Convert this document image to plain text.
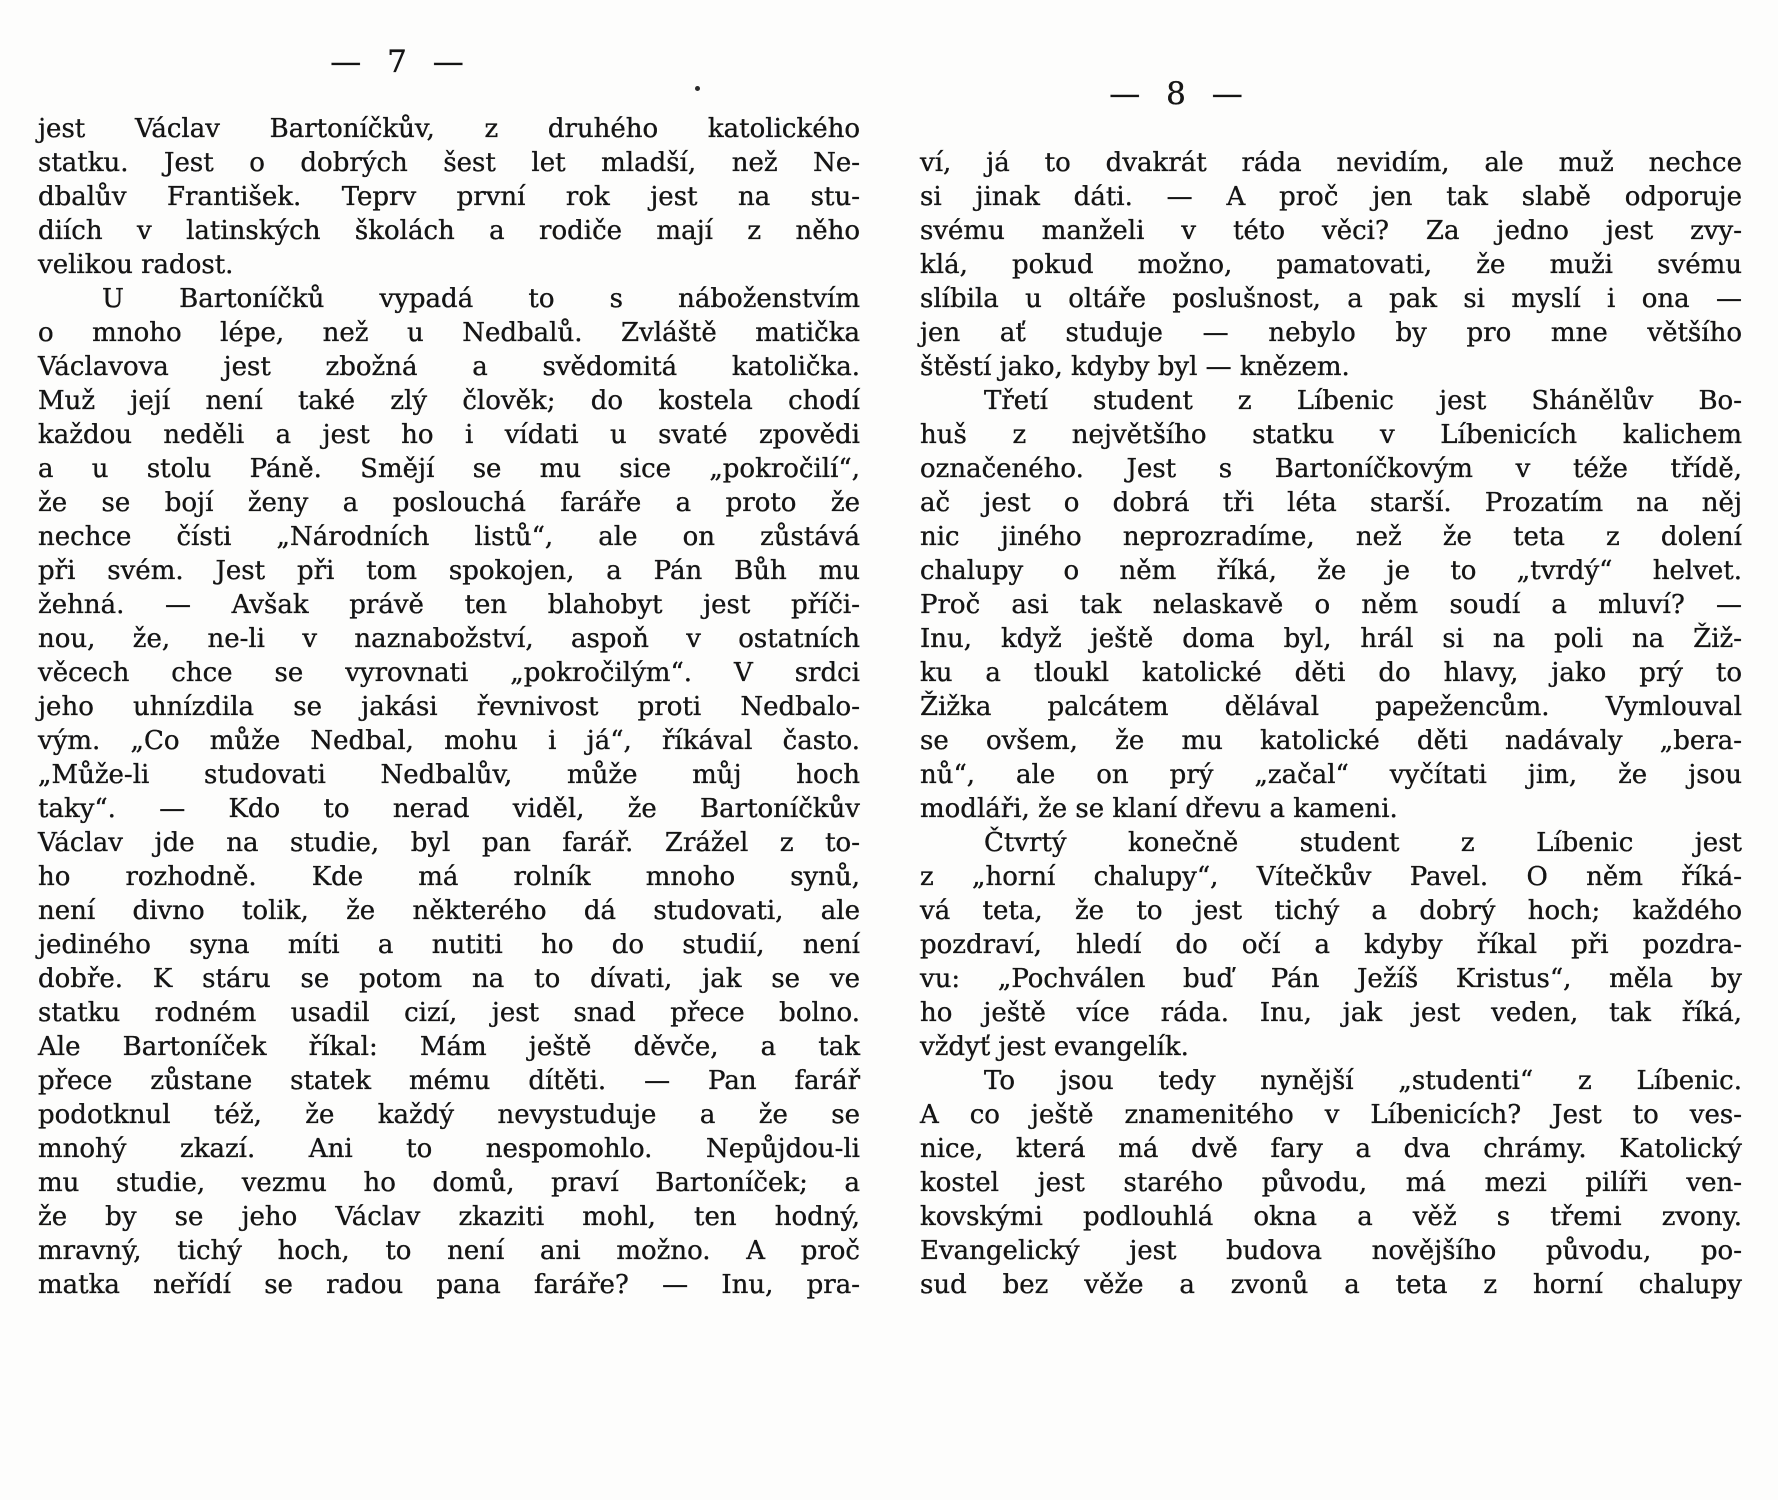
— 7 —
jest Václav Bartoníčkův, z druhého katolického
statku. Jest o dobrých šest let mladší, než Ne-
dbalův František. Teprv první rok jest na stu-
diích v latinských školách a rodiče mají z něho
velikou radost.
U Bartoníčků vypadá to s náboženstvím
o mnoho lépe, než u Nedbalů. Zvláště matička
Václavova jest zbožná a svědomitá katolička.
Muž její není také zlý člověk; do kostela chodí
každou neděli a jest ho i vídati u svaté zpovědi
a u stolu Páně. Smějí se mu sice „pokročilí“,
že se bojí ženy a poslouchá faráře a proto že
nechce čísti „Národních listů“, ale on zůstává
při svém. Jest při tom spokojen, a Pán Bůh mu
žehná. — Avšak právě ten blahobyt jest příči-
nou, že, ne-li v naznabožství, aspoň v ostatních
věcech chce se vyrovnati „pokročilým“. V srdci
jeho uhnízdila se jakási řevnivost proti Nedbalo-
vým. „Co může Nedbal, mohu i já“, říkával často.
„Může-li studovati Nedbalův, může můj hoch
taky“. — Kdo to nerad viděl, že Bartoníčkův
Václav jde na studie, byl pan farář. Zrážel z to-
ho rozhodně. Kde má rolník mnoho synů,
není divno tolik, že některého dá studovati, ale
jediného syna míti a nutiti ho do studií, není
dobře. K stáru se potom na to dívati, jak se ve
statku rodném usadil cizí, jest snad přece bolno.
Ale Bartoníček říkal: Mám ještě děvče, a tak
přece zůstane statek mému dítěti. — Pan farář
podotknul též, že každý nevystuduje a že se
mnohý zkazí. Ani to nespomohlo. Nepůjdou-li
mu studie, vezmu ho domů, praví Bartoníček; a
že by se jeho Václav zkaziti mohl, ten hodný,
mravný, tichý hoch, to není ani možno. A proč
matka neřídí se radou pana faráře? — Inu, pra-
— 8 —
ví, já to dvakrát ráda nevidím, ale muž nechce
si jinak dáti. — A proč jen tak slabě odporuje
svému manželi v této věci? Za jedno jest zvy-
klá, pokud možno, pamatovati, že muži svému
slíbila u oltáře poslušnost, a pak si myslí i ona —
jen ať studuje — nebylo by pro mne většího
štěstí jako, kdyby byl — knězem.
Třetí student z Líbenic jest Shánělův Bo-
huš z největšího statku v Líbenicích kalichem
označeného. Jest s Bartoníčkovým v téže třídě,
ač jest o dobrá tři léta starší. Prozatím na něj
nic jiného neprozradíme, než že teta z dolení
chalupy o něm říká, že je to „tvrdý“ helvet.
Proč asi tak nelaskavě o něm soudí a mluví? —
Inu, když ještě doma byl, hrál si na poli na Žiž-
ku a tloukl katolické děti do hlavy, jako prý to
Žižka palcátem dělával papežencům. Vymlouval
se ovšem, že mu katolické děti nadávaly „bera-
nů“, ale on prý „začal“ vyčítati jim, že jsou
modláři, že se klaní dřevu a kameni.
Čtvrtý konečně student z Líbenic jest
z „horní chalupy“, Vítečkův Pavel. O něm říká-
vá teta, že to jest tichý a dobrý hoch; každého
pozdraví, hledí do očí a kdyby říkal při pozdra-
vu: „Pochválen buď Pán Ježíš Kristus“, měla by
ho ještě více ráda. Inu, jak jest veden, tak říká,
vždyť jest evangelík.
To jsou tedy nynější „studenti“ z Líbenic.
A co ještě znamenitého v Líbenicích? Jest to ves-
nice, která má dvě fary a dva chrámy. Katolický
kostel jest starého původu, má mezi pilíři ven-
kovskými podlouhlá okna a věž s třemi zvony.
Evangelický jest budova novějšího původu, po-
sud bez věže a zvonů a teta z horní chalupy
